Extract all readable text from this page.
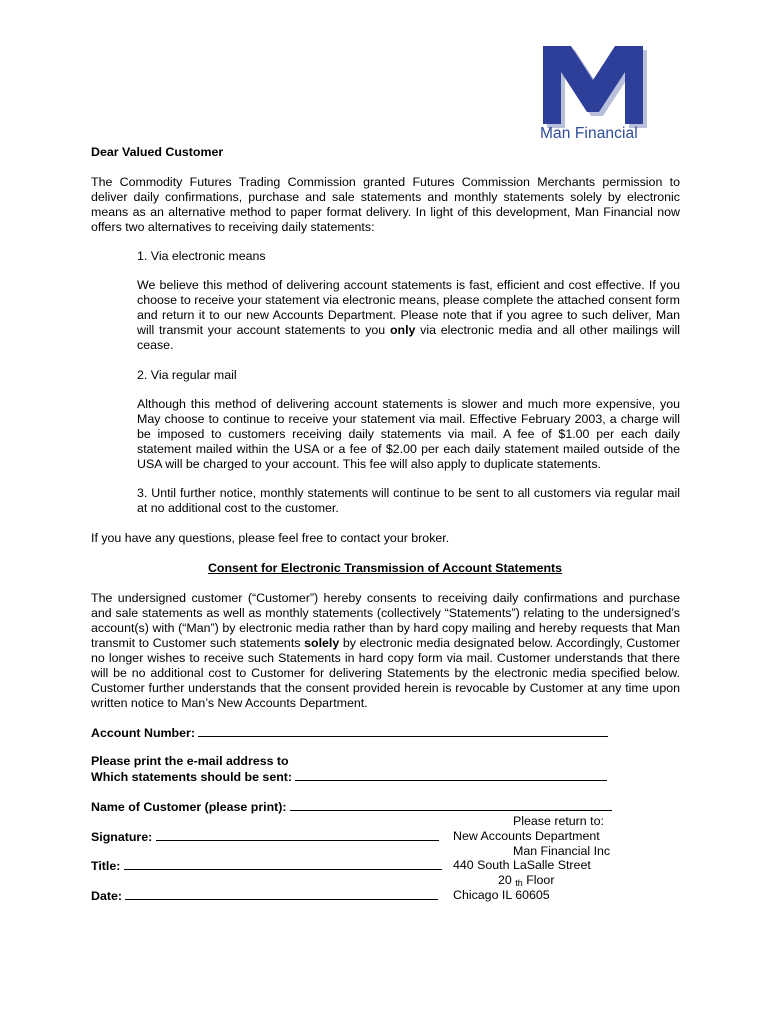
Man Financial
Dear Valued Customer
The Commodity Futures Trading Commission granted Futures Commission Merchants permission to deliver daily confirmations, purchase and sale statements and monthly statements solely by electronic means as an alternative method to paper format delivery. In light of this development, Man Financial now offers two alternatives to receiving daily statements:
1. Via electronic means
We believe this method of delivering account statements is fast, efficient and cost effective. If you choose to receive your statement via electronic means, please complete the attached consent form and return it to our new Accounts Department. Please note that if you agree to such deliver, Man will transmit your account statements to you only via electronic media and all other mailings will cease.
2. Via regular mail
Although this method of delivering account statements is slower and much more expensive, you May choose to continue to receive your statement via mail. Effective February 2003, a charge will be imposed to customers receiving daily statements via mail. A fee of $1.00 per each daily statement mailed within the USA or a fee of $2.00 per each daily statement mailed outside of the USA will be charged to your account. This fee will also apply to duplicate statements.
3. Until further notice, monthly statements will continue to be sent to all customers via regular mail at no additional cost to the customer.
If you have any questions, please feel free to contact your broker.
Consent for Electronic Transmission of Account Statements
The undersigned customer (“Customer”) hereby consents to receiving daily confirmations and purchase and sale statements as well as monthly statements (collectively “Statements”) relating to the undersigned’s account(s) with (“Man”) by electronic media rather than by hard copy mailing and hereby requests that Man transmit to Customer such statements solely by electronic media designated below. Accordingly, Customer no longer wishes to receive such Statements in hard copy form via mail. Customer understands that there will be no additional cost to Customer for delivering Statements by the electronic media specified below. Customer further understands that the consent provided herein is revocable by Customer at any time upon written notice to Man’s New Accounts Department.
Account Number:
Please print the e-mail address to
Which statements should be sent:
Name of Customer (please print):
Signature:
Title:
Date:
Please return to:
New Accounts Department
Man Financial Inc
440 South LaSalle Street
20 th Floor
Chicago IL 60605
